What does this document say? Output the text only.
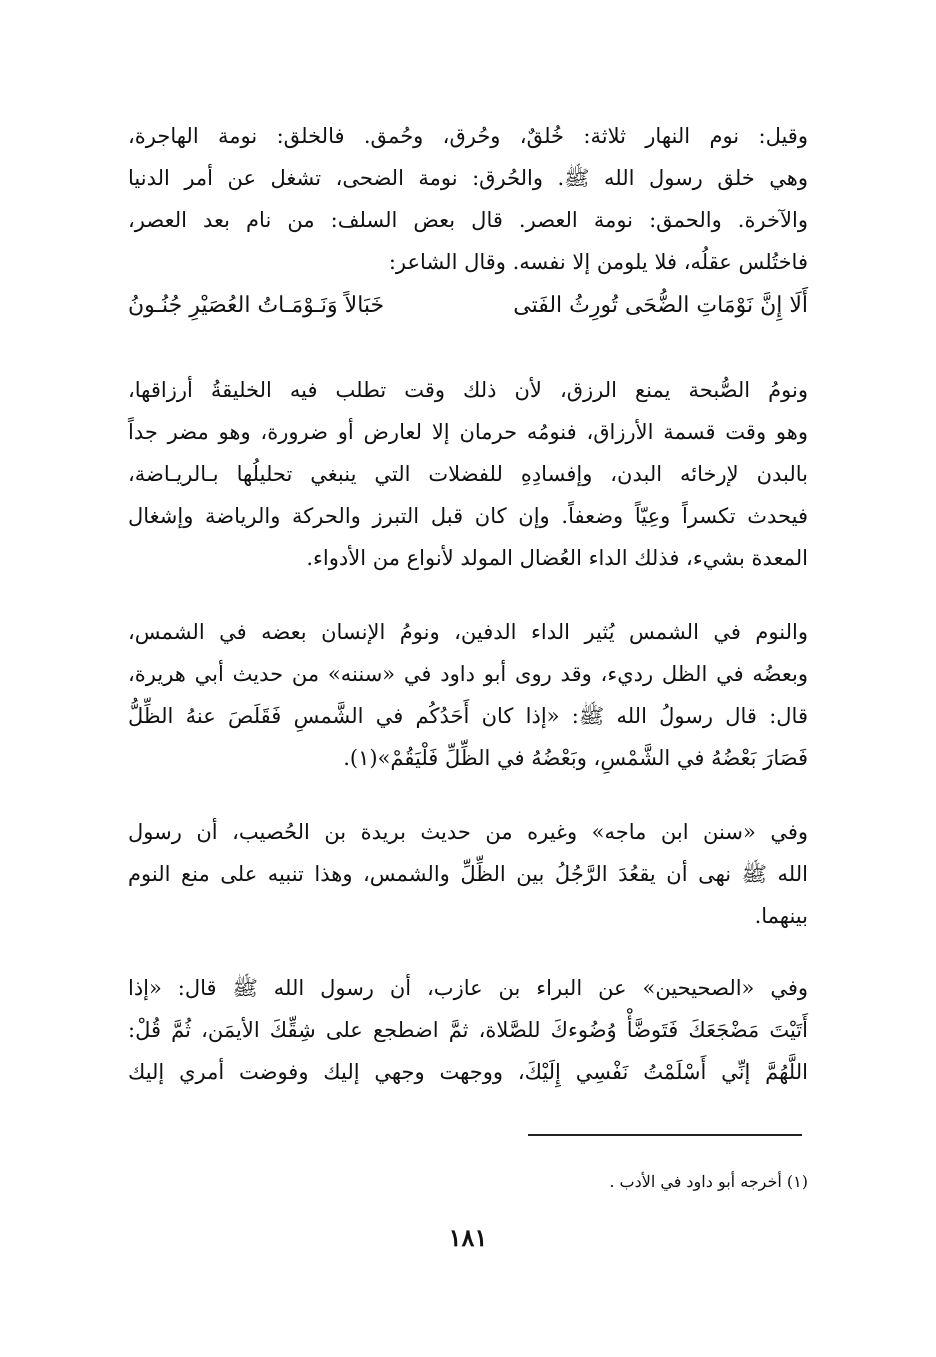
وقيل: نوم النهار ثلاثة: خُلقٌ، وحُرق، وحُمق. فالخلق: نومة الهاجرة،
وهي خلق رسول الله ﷺ. والحُرق: نومة الضحى، تشغل عن أمر الدنيا
والآخرة. والحمق: نومة العصر. قال بعض السلف: من نام بعد العصر،
فاختُلس عقلُه، فلا يلومن إلا نفسه. وقال الشاعر:
أَلَا إِنَّ نَوْمَاتِ الضُّحَى تُورِثُ الفَتى
خَبَالاً وَنَـوْمَـاتُ العُصَيْرِ جُنُـونُ
ونومُ الصُّبحة يمنع الرزق، لأن ذلك وقت تطلب فيه الخليقةُ أرزاقها،
وهو وقت قسمة الأرزاق، فنومُه حرمان إلا لعارض أو ضرورة، وهو مضر جداً
بالبدن لإرخائه البدن، وإفسادِهِ للفضلات التي ينبغي تحليلُها بـالريـاضة،
فيحدث تكسراً وعِيّاً وضعفاً. وإن كان قبل التبرز والحركة والرياضة وإشغال
المعدة بشيء، فذلك الداء العُضال المولد لأنواع من الأدواء.
والنوم في الشمس يُثير الداء الدفين، ونومُ الإنسان بعضه في الشمس،
وبعضُه في الظل رديء، وقد روى أبو داود في «سننه» من حديث أبي هريرة،
قال: قال رسولُ الله ﷺ: «إذا كان أَحَدُكُم في الشَّمسِ فَقَلَصَ عنهُ الظِّلُّ
فَصَارَ بَعْضُهُ في الشَّمْسِ، وبَعْضُهُ في الظِّلِّ فَلْيَقُمْ»(١).
وفي «سنن ابن ماجه» وغيره من حديث بريدة بن الحُصيب، أن رسول
الله ﷺ نهى أن يقعُدَ الرَّجُلُ بين الظِّلِّ والشمس، وهذا تنبيه على منع النوم
بينهما.
وفي «الصحيحين» عن البراء بن عازب، أن رسول الله ﷺ قال: «إذا
أَتَيْتَ مَضْجَعَكَ فَتَوضَّأْ وُضُوءكَ للصَّلاة، ثمَّ اضطجع على شِقِّكَ الأيمَن، ثُمَّ قُلْ:
اللَّهُمَّ إنِّي أَسْلَمْتُ نَفْسِي إِلَيْكَ، ووجهت وجهي إليك وفوضت أمري إليك
(١) أخرجه أبو داود في الأدب .
١٨١
